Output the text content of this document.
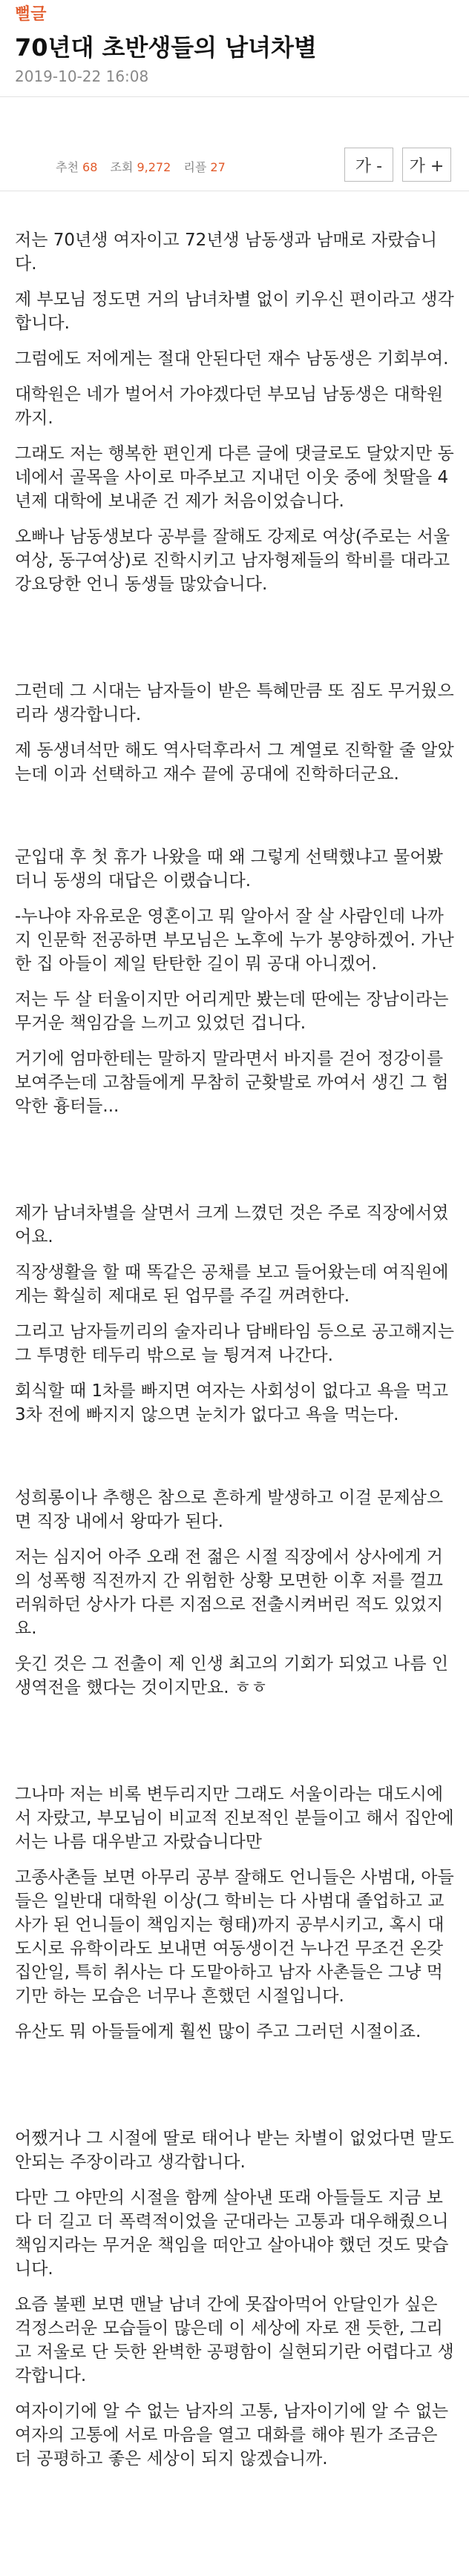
뻘글
70년대 초반생들의 남녀차별
2019-10-22 16:08
추천 68 조회 9,272 리플 27	가 -	가 +

저는 70년생 여자이고 72년생 남동생과 남매로 자랐습니다.

제 부모님 정도면 거의 남녀차별 없이 키우신 편이라고 생각합니다.

그럼에도 저에게는 절대 안된다던 재수 남동생은 기회부여.

대학원은 네가 벌어서 가야겠다던 부모님 남동생은 대학원까지.

그래도 저는 행복한 편인게 다른 글에 댓글로도 달았지만 동네에서 골목을 사이로 마주보고 지내던 이웃 중에 첫딸을 4년제 대학에 보내준 건 제가 처음이었습니다.

오빠나 남동생보다 공부를 잘해도 강제로 여상(주로는 서울여상, 동구여상)로 진학시키고 남자형제들의 학비를 대라고 강요당한 언니 동생들 많았습니다.

그런데 그 시대는 남자들이 받은 특혜만큼 또 짐도 무거웠으리라 생각합니다.

제 동생녀석만 해도 역사덕후라서 그 계열로 진학할 줄 알았는데 이과 선택하고 재수 끝에 공대에 진학하더군요.

군입대 후 첫 휴가 나왔을 때 왜 그렇게 선택했냐고 물어봤더니 동생의 대답은 이랬습니다.

-누나야 자유로운 영혼이고 뭐 알아서 잘 살 사람인데 나까지 인문학 전공하면 부모님은 노후에 누가 봉양하겠어. 가난한 집 아들이 제일 탄탄한 길이 뭐 공대 아니겠어.

저는 두 살 터울이지만 어리게만 봤는데 딴에는 장남이라는 무거운 책임감을 느끼고 있었던 겁니다.

거기에 엄마한테는 말하지 말라면서 바지를 걷어 정강이를 보여주는데 고참들에게 무참히 군홧발로 까여서 생긴 그 험악한 흉터들...

제가 남녀차별을 살면서 크게 느꼈던 것은 주로 직장에서였어요.

직장생활을 할 때 똑같은 공채를 보고 들어왔는데 여직원에게는 확실히 제대로 된 업무를 주길 꺼려한다.

그리고 남자들끼리의 술자리나 담배타임 등으로 공고해지는 그 투명한 테두리 밖으로 늘 튕겨져 나간다.

회식할 때 1차를 빠지면 여자는 사회성이 없다고 욕을 먹고 3차 전에 빠지지 않으면 눈치가 없다고 욕을 먹는다.

성희롱이나 추행은 참으로 흔하게 발생하고 이걸 문제삼으면 직장 내에서 왕따가 된다.

저는 심지어 아주 오래 전 젊은 시절 직장에서 상사에게 거의 성폭행 직전까지 간 위험한 상황 모면한 이후 저를 껄끄러워하던 상사가 다른 지점으로 전출시켜버린 적도 있었지요.

웃긴 것은 그 전출이 제 인생 최고의 기회가 되었고 나름 인생역전을 했다는 것이지만요. ㅎㅎ

그나마 저는 비록 변두리지만 그래도 서울이라는 대도시에서 자랐고, 부모님이 비교적 진보적인 분들이고 해서 집안에서는 나름 대우받고 자랐습니다만

고종사촌들 보면 아무리 공부 잘해도 언니들은 사범대, 아들들은 일반대 대학원 이상(그 학비는 다 사범대 졸업하고 교사가 된 언니들이 책임지는 형태)까지 공부시키고, 혹시 대도시로 유학이라도 보내면 여동생이건 누나건 무조건 온갖 집안일, 특히 취사는 다 도맡아하고 남자 사촌들은 그냥 먹기만 하는 모습은 너무나 흔했던 시절입니다.

유산도 뭐 아들들에게 훨씬 많이 주고 그러던 시절이죠.

어쨌거나 그 시절에 딸로 태어나 받는 차별이 없었다면 말도 안되는 주장이라고 생각합니다.

다만 그 야만의 시절을 함께 살아낸 또래 아들들도 지금 보다 더 길고 더 폭력적이었을 군대라는 고통과 대우해줬으니 책임지라는 무거운 책임을 떠안고 살아내야 했던 것도 맞습니다.

요즘 불펜 보면 맨날 남녀 간에 못잡아먹어 안달인가 싶은 걱정스러운 모습들이 많은데 이 세상에 자로 잰 듯한, 그리고 저울로 단 듯한 완벽한 공평함이 실현되기란 어렵다고 생각합니다.

여자이기에 알 수 없는 남자의 고통, 남자이기에 알 수 없는 여자의 고통에 서로 마음을 열고 대화를 해야 뭔가 조금은 더 공평하고 좋은 세상이 되지 않겠습니까.
